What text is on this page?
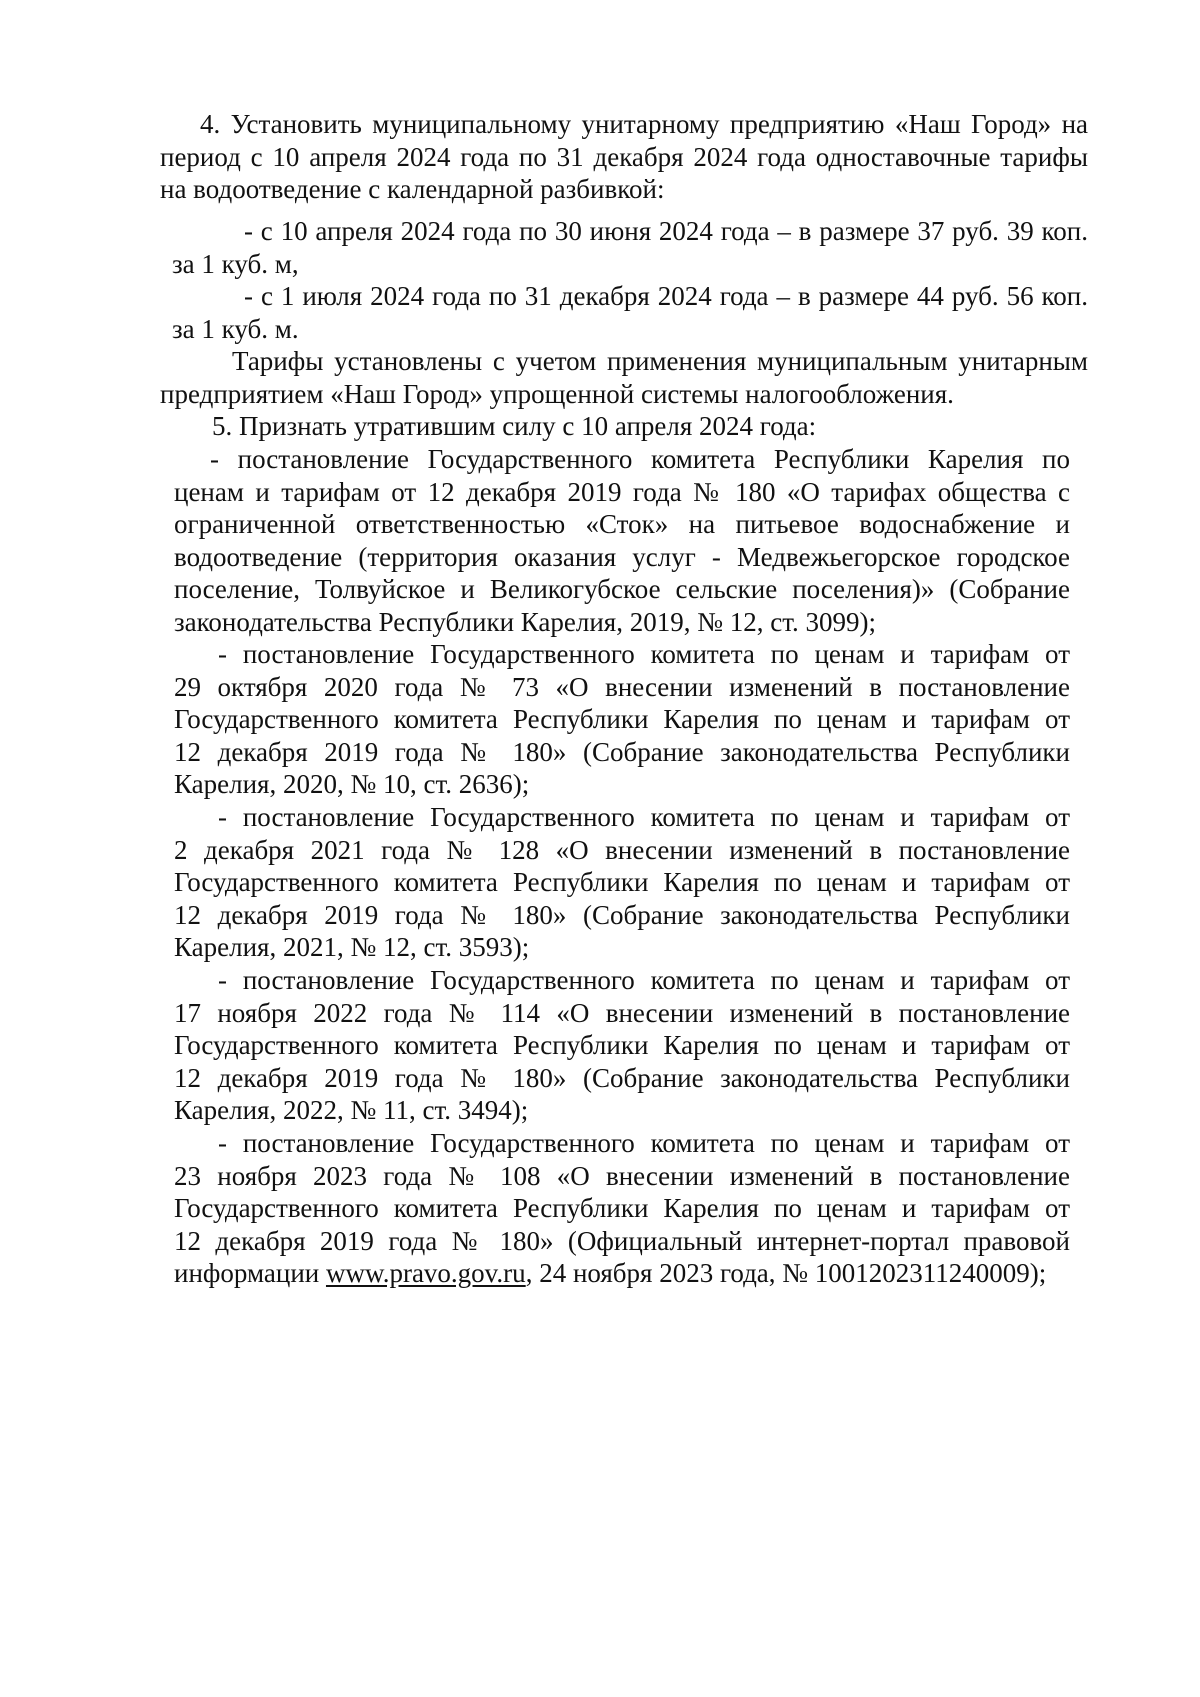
4. Установить муниципальному унитарному предприятию «Наш Город» на
период с 10 апреля 2024 года по 31 декабря 2024 года одноставочные тарифы
на водоотведение с календарной разбивкой:
- с 10 апреля 2024 года по 30 июня 2024 года – в размере 37 руб. 39 коп.
за 1 куб. м,
- с 1 июля 2024 года по 31 декабря 2024 года – в размере 44 руб. 56 коп.
за 1 куб. м.
Тарифы установлены с учетом применения муниципальным унитарным
предприятием «Наш Город» упрощенной системы налогообложения.
5. Признать утратившим силу с 10 апреля 2024 года:
- постановление Государственного комитета Республики Карелия по
ценам и тарифам от 12 декабря 2019 года № 180 «О тарифах общества с
ограниченной ответственностью «Сток» на питьевое водоснабжение и
водоотведение (территория оказания услуг - Медвежьегорское городское
поселение, Толвуйское и Великогубское сельские поселения)» (Собрание
законодательства Республики Карелия, 2019, № 12, ст. 3099);
- постановление Государственного комитета по ценам и тарифам от
29 октября 2020 года № 73 «О внесении изменений в постановление
Государственного комитета Республики Карелия по ценам и тарифам от
12 декабря 2019 года № 180» (Собрание законодательства Республики
Карелия, 2020, № 10, ст. 2636);
- постановление Государственного комитета по ценам и тарифам от
2 декабря 2021 года № 128 «О внесении изменений в постановление
Государственного комитета Республики Карелия по ценам и тарифам от
12 декабря 2019 года № 180» (Собрание законодательства Республики
Карелия, 2021, № 12, ст. 3593);
- постановление Государственного комитета по ценам и тарифам от
17 ноября 2022 года № 114 «О внесении изменений в постановление
Государственного комитета Республики Карелия по ценам и тарифам от
12 декабря 2019 года № 180» (Собрание законодательства Республики
Карелия, 2022, № 11, ст. 3494);
- постановление Государственного комитета по ценам и тарифам от
23 ноября 2023 года № 108 «О внесении изменений в постановление
Государственного комитета Республики Карелия по ценам и тарифам от
12 декабря 2019 года № 180» (Официальный интернет-портал правовой
информации www.pravo.gov.ru, 24 ноября 2023 года, № 1001202311240009);
